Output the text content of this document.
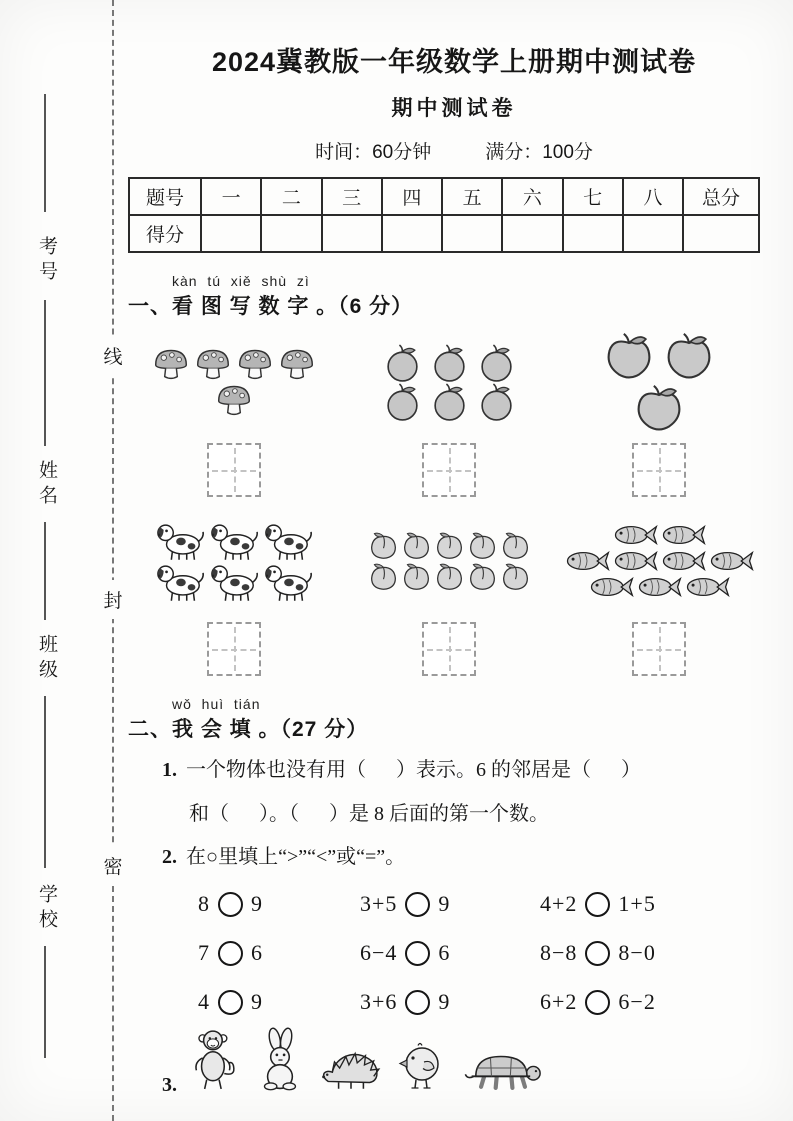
线
封
密
考号
姓名
班级
学校
2024冀教版一年级数学上册期中测试卷
期中测试卷
时间：60分钟	满分：100分
题号	一	二	三	四	五	六	七	八	总分
得分									
kàn  tú  xiě  shù  zì
一、看 图 写 数 字 。（6 分）
wǒ  huì  tián
二、我 会 填 。（27 分）
1. 一个物体也没有用（      ）表示。6 的邻居是（      ）
和（      ）。（      ）是 8 后面的第一个数。
2. 在○里填上“>”“<”或“=”。
8 9	3+5 9	4+2 1+5
7 6	6−4 6	8−8 8−0
4 9	3+6 9	6+2 6−2
3.
